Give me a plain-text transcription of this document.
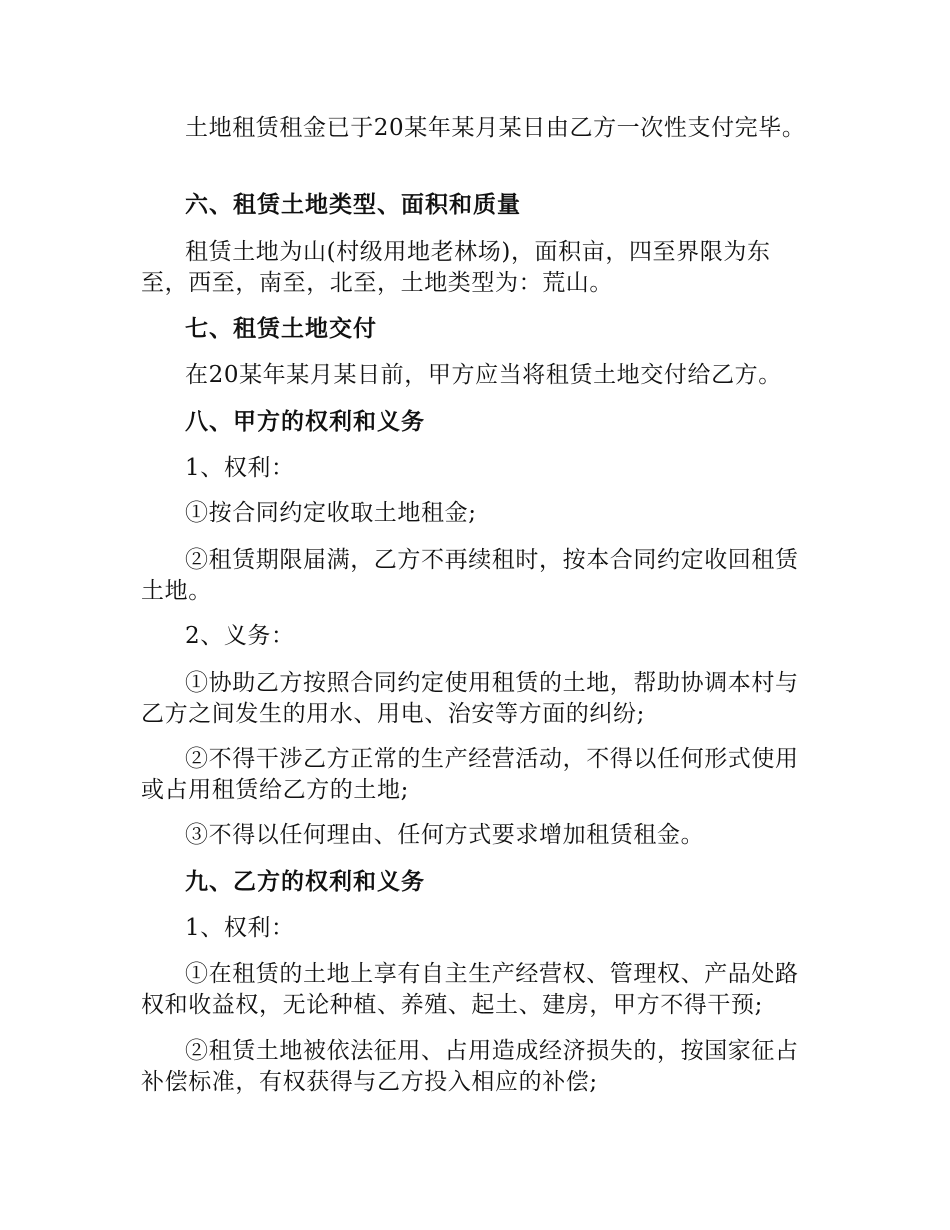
土地租赁租金已于20某年某月某日由乙方一次性支付完毕。

六、租赁土地类型、面积和质量

租赁土地为山(村级用地老林场)，面积亩，四至界限为东至，西至，南至，北至，土地类型为：荒山。

七、租赁土地交付

在20某年某月某日前，甲方应当将租赁土地交付给乙方。

八、甲方的权利和义务

1、权利：

①按合同约定收取土地租金;

②租赁期限届满，乙方不再续租时，按本合同约定收回租赁土地。

2、义务：

①协助乙方按照合同约定使用租赁的土地，帮助协调本村与乙方之间发生的用水、用电、治安等方面的纠纷;

②不得干涉乙方正常的生产经营活动，不得以任何形式使用或占用租赁给乙方的土地;

③不得以任何理由、任何方式要求增加租赁租金。

九、乙方的权利和义务

1、权利：

①在租赁的土地上享有自主生产经营权、管理权、产品处路权和收益权，无论种植、养殖、起土、建房，甲方不得干预;

②租赁土地被依法征用、占用造成经济损失的，按国家征占补偿标准，有权获得与乙方投入相应的补偿;
